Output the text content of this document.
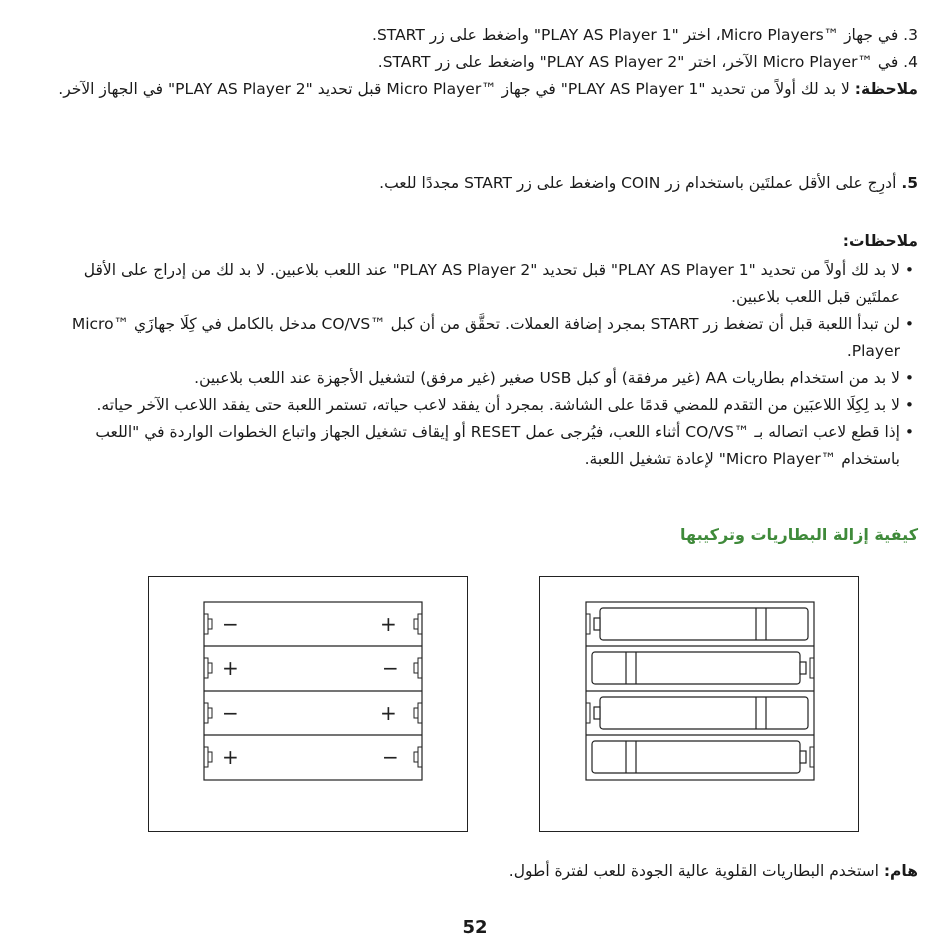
3. في جهاز ™Micro Players، اختر "PLAY AS Player 1" واضغط على زر START.
4. في ™Micro Player الآخر، اختر "PLAY AS Player 2" واضغط على زر START.
ملاحظة: لا بد لك أولاً من تحديد "PLAY AS Player 1" في جهاز ™Micro Player قبل تحديد "PLAY AS Player 2" في الجهاز الآخر.
5. أدرِج على الأقل عملتَين باستخدام زر COIN واضغط على زر START مجددًا للعب.
ملاحظات:
• لا بد لك أولاً من تحديد "PLAY AS Player 1" قبل تحديد "PLAY AS Player 2" عند اللعب بلاعبين. لا بد لك من إدراج على الأقل عملتَين قبل اللعب بلاعبين.
• لن تبدأ اللعبة قبل أن تضغط زر START بمجرد إضافة العملات. تحقَّق من أن كبل ™CO/VS مدخل بالكامل في كِلَا جهازَي ™Micro Player.
• لا بد من استخدام بطاريات AA (غير مرفقة) أو كبل USB صغير (غير مرفق) لتشغيل الأجهزة عند اللعب بلاعبين.
• لا بد لِكِلَا اللاعبَين من التقدم للمضي قدمًا على الشاشة. بمجرد أن يفقد لاعب حياته، تستمر اللعبة حتى يفقد اللاعب الآخر حياته.
• إذا قطع لاعب اتصاله بـ ™CO/VS أثناء اللعب، فيُرجى عمل RESET أو إيقاف تشغيل الجهاز واتباع الخطوات الواردة في "اللعب باستخدام ™Micro Player" لإعادة تشغيل اللعبة.
كيفية إزالة البطاريات وتركيبها
−	+
+	−
−	+
+	−
هام: استخدم البطاريات القلوية عالية الجودة للعب لفترة أطول.
52
